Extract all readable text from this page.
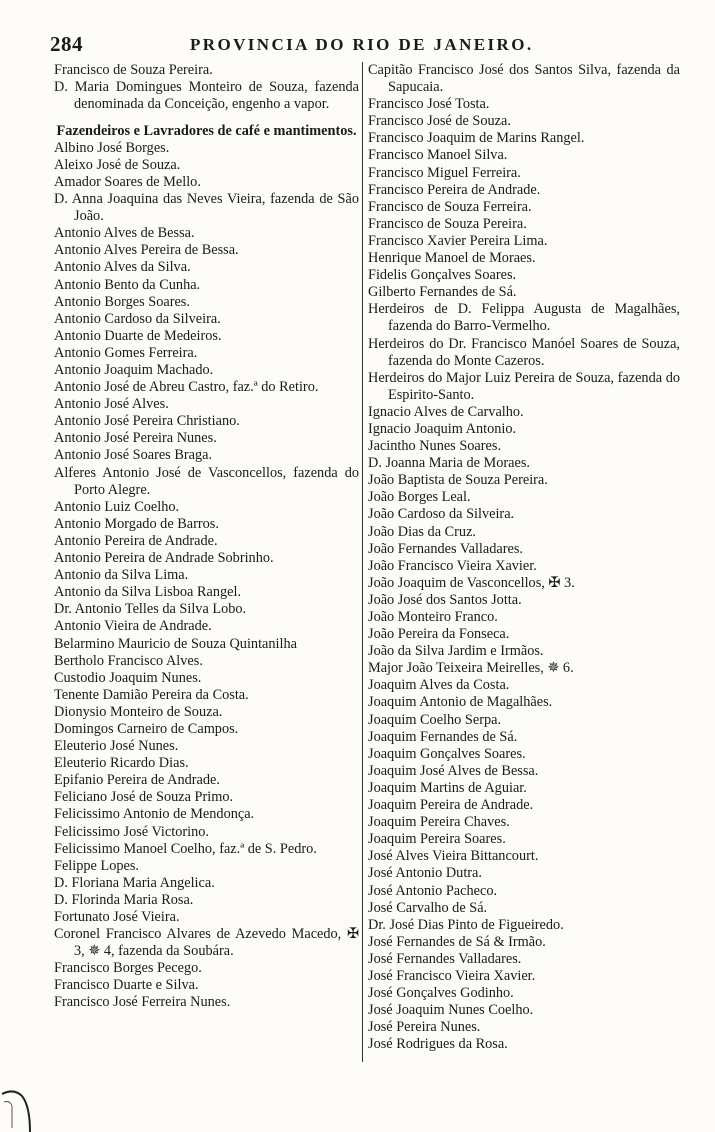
284	PROVINCIA DO RIO DE JANEIRO.
Francisco de Souza Pereira.
D. Maria Domingues Monteiro de Souza, fazenda denominada da Conceição, engenho a vapor.
Fazendeiros e Lavradores de café e mantimentos.
Albino José Borges.
Aleixo José de Souza.
Amador Soares de Mello.
D. Anna Joaquina das Neves Vieira, fazenda de São João.
Antonio Alves de Bessa.
Antonio Alves Pereira de Bessa.
Antonio Alves da Silva.
Antonio Bento da Cunha.
Antonio Borges Soares.
Antonio Cardoso da Silveira.
Antonio Duarte de Medeiros.
Antonio Gomes Ferreira.
Antonio Joaquim Machado.
Antonio José de Abreu Castro, faz.ª do Retiro.
Antonio José Alves.
Antonio José Pereira Christiano.
Antonio José Pereira Nunes.
Antonio José Soares Braga.
Alferes Antonio José de Vasconcellos, fazenda do Porto Alegre.
Antonio Luiz Coelho.
Antonio Morgado de Barros.
Antonio Pereira de Andrade.
Antonio Pereira de Andrade Sobrinho.
Antonio da Silva Lima.
Antonio da Silva Lisboa Rangel.
Dr. Antonio Telles da Silva Lobo.
Antonio Vieira de Andrade.
Belarmino Mauricio de Souza Quintanilha
Bertholo Francisco Alves.
Custodio Joaquim Nunes.
Tenente Damião Pereira da Costa.
Dionysio Monteiro de Souza.
Domingos Carneiro de Campos.
Eleuterio José Nunes.
Eleuterio Ricardo Dias.
Epifanio Pereira de Andrade.
Feliciano José de Souza Primo.
Felicissimo Antonio de Mendonça.
Felicissimo José Victorino.
Felicissimo Manoel Coelho, faz.ª de S. Pedro.
Felippe Lopes.
D. Floriana Maria Angelica.
D. Florinda Maria Rosa.
Fortunato José Vieira.
Coronel Francisco Alvares de Azevedo Macedo, ✠ 3, ✵ 4, fazenda da Soubára.
Francisco Borges Pecego.
Francisco Duarte e Silva.
Francisco José Ferreira Nunes.
Capitão Francisco José dos Santos Silva, fazenda da Sapucaia.
Francisco José Tosta.
Francisco José de Souza.
Francisco Joaquim de Marins Rangel.
Francisco Manoel Silva.
Francisco Miguel Ferreira.
Francisco Pereira de Andrade.
Francisco de Souza Ferreira.
Francisco de Souza Pereira.
Francisco Xavier Pereira Lima.
Henrique Manoel de Moraes.
Fidelis Gonçalves Soares.
Gilberto Fernandes de Sá.
Herdeiros de D. Felippa Augusta de Magalhães, fazenda do Barro-Vermelho.
Herdeiros do Dr. Francisco Manóel Soares de Souza, fazenda do Monte Cazeros.
Herdeiros do Major Luiz Pereira de Souza, fazenda do Espirito-Santo.
Ignacio Alves de Carvalho.
Ignacio Joaquim Antonio.
Jacintho Nunes Soares.
D. Joanna Maria de Moraes.
João Baptista de Souza Pereira.
João Borges Leal.
João Cardoso da Silveira.
João Dias da Cruz.
João Fernandes Valladares.
João Francisco Vieira Xavier.
João Joaquim de Vasconcellos, ✠ 3.
João José dos Santos Jotta.
João Monteiro Franco.
João Pereira da Fonseca.
João da Silva Jardim e Irmãos.
Major João Teixeira Meirelles, ✵ 6.
Joaquim Alves da Costa.
Joaquim Antonio de Magalhães.
Joaquim Coelho Serpa.
Joaquim Fernandes de Sá.
Joaquim Gonçalves Soares.
Joaquim José Alves de Bessa.
Joaquim Martins de Aguiar.
Joaquim Pereira de Andrade.
Joaquim Pereira Chaves.
Joaquim Pereira Soares.
José Alves Vieira Bittancourt.
José Antonio Dutra.
José Antonio Pacheco.
José Carvalho de Sá.
Dr. José Dias Pinto de Figueiredo.
José Fernandes de Sá & Irmão.
José Fernandes Valladares.
José Francisco Vieira Xavier.
José Gonçalves Godinho.
José Joaquim Nunes Coelho.
José Pereira Nunes.
José Rodrigues da Rosa.
